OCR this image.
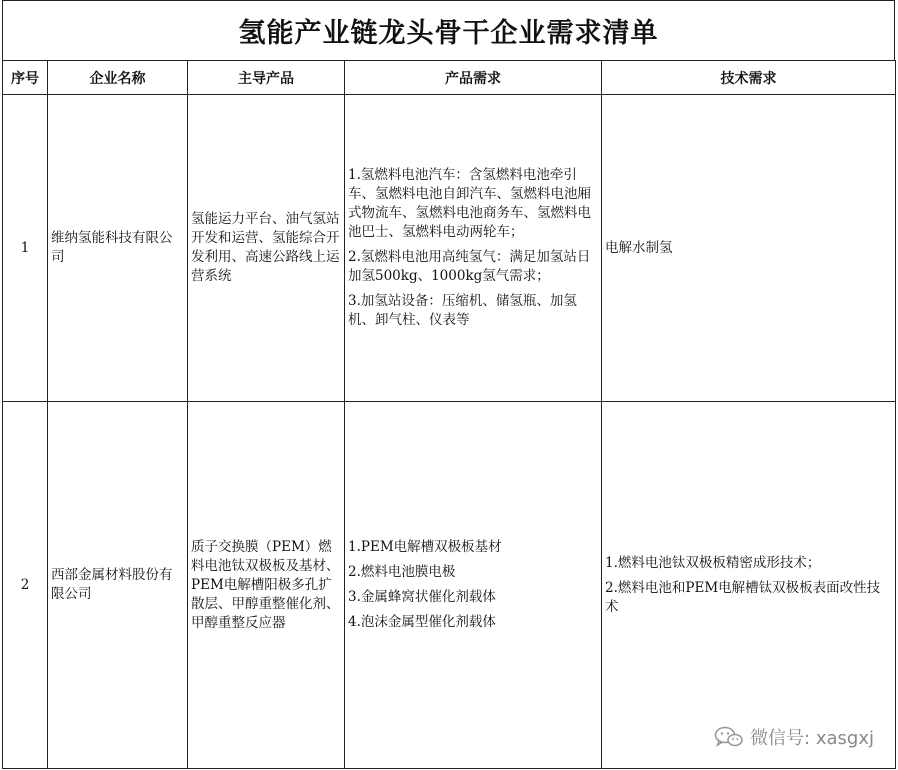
氢能产业链龙头骨干企业需求清单
序号	企业名称	主导产品	产品需求	技术需求
1	维纳氢能科技有限公司	氢能运力平台、油气氢站开发和运营、氢能综合开发利用、高速公路线上运营系统	1.氢燃料电池汽车：含氢燃料电池牵引车、氢燃料电池自卸汽车、氢燃料电池厢式物流车、氢燃料电池商务车、氢燃料电池巴士、氢燃料电动两轮车；
2.氢燃料电池用高纯氢气：满足加氢站日加氢500kg、1000kg氢气需求；
3.加氢站设备：压缩机、储氢瓶、加氢机、卸气柱、仪表等	电解水制氢

2	西部金属材料股份有限公司	质子交换膜（PEM）燃料电池钛双极板及基材、PEM电解槽阳极多孔扩散层、甲醇重整催化剂、甲醇重整反应器	1.PEM电解槽双极板基材
2.燃料电池膜电极
3.金属蜂窝状催化剂载体
4.泡沫金属型催化剂载体	1.燃料电池钛双极板精密成形技术；
2.燃料电池和PEM电解槽钛双极板表面改性技术
微信号: xasgxj
